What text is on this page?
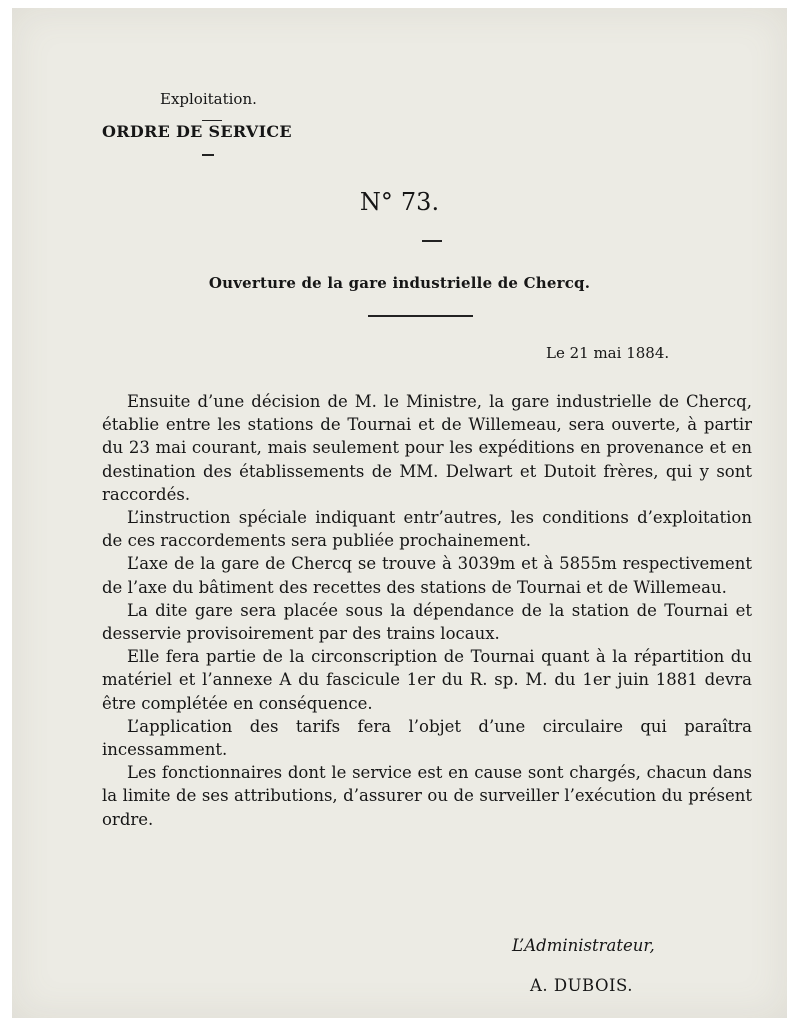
Exploitation.
ORDRE DE SERVICE
N° 73.
Ouverture de la gare industrielle de Chercq.
Le 21 mai 1884.

Ensuite d’une décision de M. le Ministre, la gare industrielle de Chercq, établie entre les stations de Tournai et de Willemeau, sera ouverte, à partir du 23 mai courant, mais seulement pour les expéditions en provenance et en destination des établissements de MM. Delwart et Dutoit frères, qui y sont raccordés.

L’instruction spéciale indiquant entr’autres, les conditions d’exploitation de ces raccordements sera publiée prochainement.

L’axe de la gare de Chercq se trouve à 3039m et à 5855m respectivement de l’axe du bâtiment des recettes des stations de Tournai et de Willemeau.

La dite gare sera placée sous la dépendance de la station de Tournai et desservie provisoirement par des trains locaux.

Elle fera partie de la circonscription de Tournai quant à la répartition du matériel et l’annexe A du fascicule 1er du R. sp. M. du 1er juin 1881 devra être complétée en conséquence.

L’application des tarifs fera l’objet d’une circulaire qui paraîtra incessamment.

Les fonctionnaires dont le service est en cause sont chargés, chacun dans la limite de ses attributions, d’assurer ou de surveiller l’exécution du présent ordre.

L’Administrateur,
A. DUBOIS.
